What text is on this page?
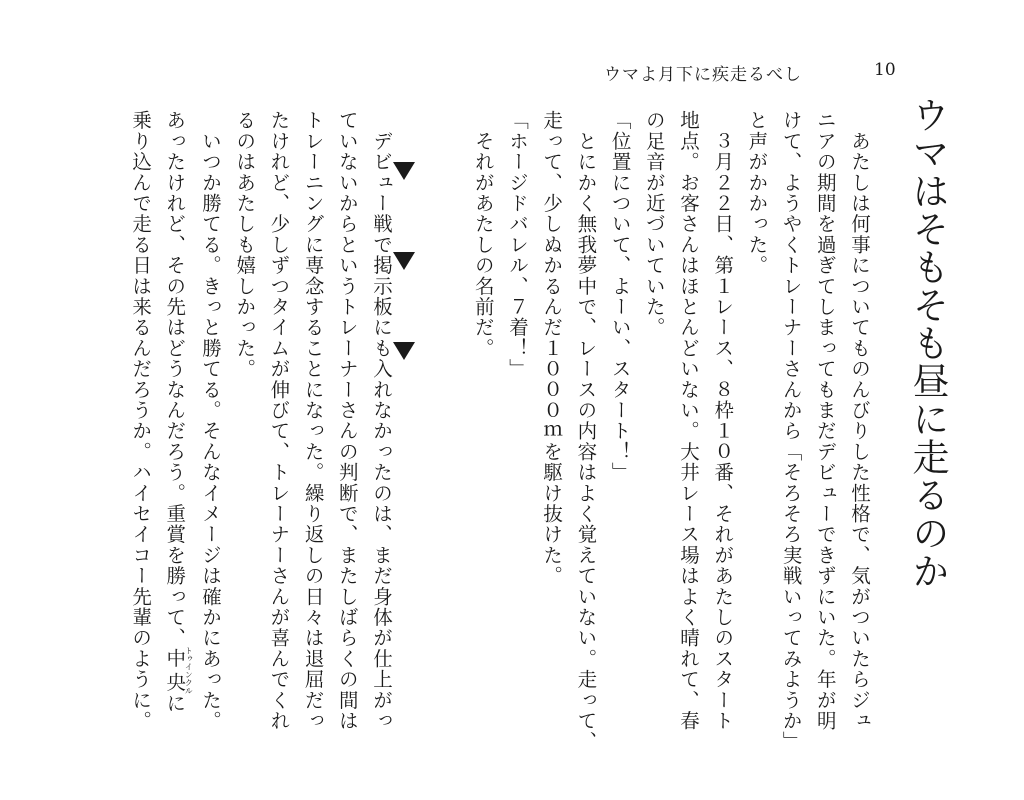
ウマよ月下に疾走るべし	10
ウマはそもそも昼に走るのか

　あたしは何事についてものんびりした性格で、気がついたらジュ

ニアの期間を過ぎてしまってもまだデビューできずにいた。年が明

けて、ようやくトレーナーさんから「そろそろ実戦いってみようか」

と声がかかった。

　３月２２日、第１レース、８枠１０番、それがあたしのスタート

地点。お客さんはほとんどいない。大井レース場はよく晴れて、春

の足音が近づいていた。

「位置について、よーい、スタート！」

　とにかく無我夢中で、レースの内容はよく覚えていない。走って、

走って、少しぬかるんだ１０００ｍを駆け抜けた。

「ホージドバレル、７着！」

　それがあたしの名前だ。

　デビュー戦で掲示板にも入れなかったのは、まだ身体が仕上がっ

ていないからというトレーナーさんの判断で、またしばらくの間は

トレーニングに専念することになった。繰り返しの日々は退屈だっ

たけれど、少しずつタイムが伸びて、トレーナーさんが喜んでくれ

るのはあたしも嬉しかった。

　いつか勝てる。きっと勝てる。そんなイメージは確かにあった。

あったけれど、その先はどうなんだろう。重賞を勝って、中央トゥインクルに

乗り込んで走る日は来るんだろうか。ハイセイコー先輩のように。
